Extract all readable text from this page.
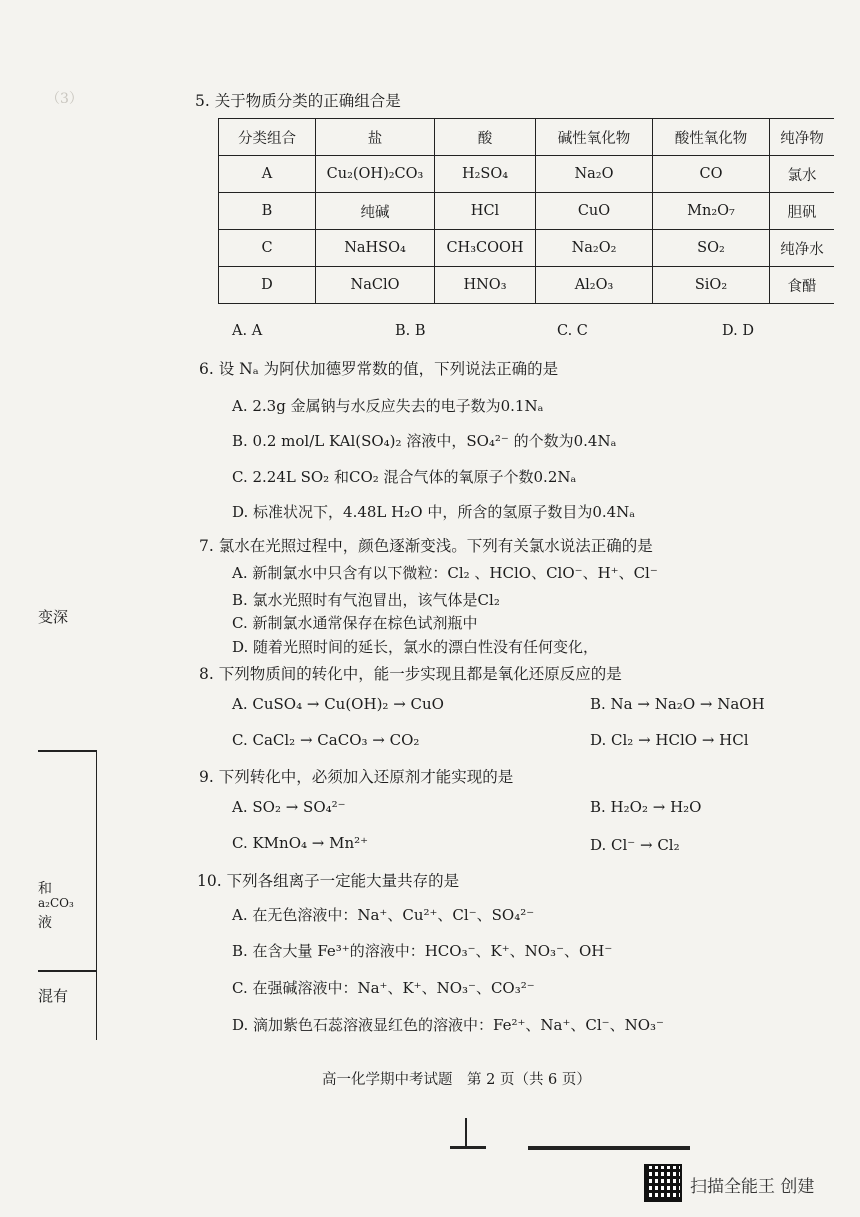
（3）	5. 关于物质分类的正确组合是
分类组合	盐	酸	碱性氧化物	酸性氧化物	纯净物
A	Cu₂(OH)₂CO₃	H₂SO₄	Na₂O	CO	氯水
B	纯碱	HCl	CuO	Mn₂O₇	胆矾
C	NaHSO₄	CH₃COOH	Na₂O₂	SO₂	纯净水
D	NaClO	HNO₃	Al₂O₃	SiO₂	食醋
A. A	B. B	C. C	D. D
6. 设 Nₐ 为阿伏加德罗常数的值，下列说法正确的是
A. 2.3g 金属钠与水反应失去的电子数为0.1Nₐ
B. 0.2 mol/L KAl(SO₄)₂ 溶液中，SO₄²⁻ 的个数为0.4Nₐ
C. 2.24L SO₂ 和CO₂ 混合气体的氧原子个数0.2Nₐ
D. 标准状况下，4.48L H₂O 中，所含的氢原子数目为0.4Nₐ
7. 氯水在光照过程中，颜色逐渐变浅。下列有关氯水说法正确的是
A. 新制氯水中只含有以下微粒：Cl₂ 、HClO、ClO⁻、H⁺、Cl⁻
B. 氯水光照时有气泡冒出，该气体是Cl₂
C. 新制氯水通常保存在棕色试剂瓶中
D. 随着光照时间的延长，氯水的漂白性没有任何变化，
8. 下列物质间的转化中，能一步实现且都是氧化还原反应的是
A. CuSO₄ → Cu(OH)₂ → CuO	B. Na → Na₂O → NaOH
C. CaCl₂ → CaCO₃ → CO₂	D. Cl₂ → HClO → HCl
9. 下列转化中，必须加入还原剂才能实现的是
A. SO₂ → SO₄²⁻	B. H₂O₂ → H₂O
C. KMnO₄ → Mn²⁺	D. Cl⁻ → Cl₂
10. 下列各组离子一定能大量共存的是
A. 在无色溶液中：Na⁺、Cu²⁺、Cl⁻、SO₄²⁻
B. 在含大量 Fe³⁺的溶液中：HCO₃⁻、K⁺、NO₃⁻、OH⁻
C. 在强碱溶液中：Na⁺、K⁺、NO₃⁻、CO₃²⁻
D. 滴加紫色石蕊溶液显红色的溶液中：Fe²⁺、Na⁺、Cl⁻、NO₃⁻
变深
和
a₂CO₃
液
混有
高一化学期中考试题　第 2 页（共 6 页）
扫描全能王 创建
